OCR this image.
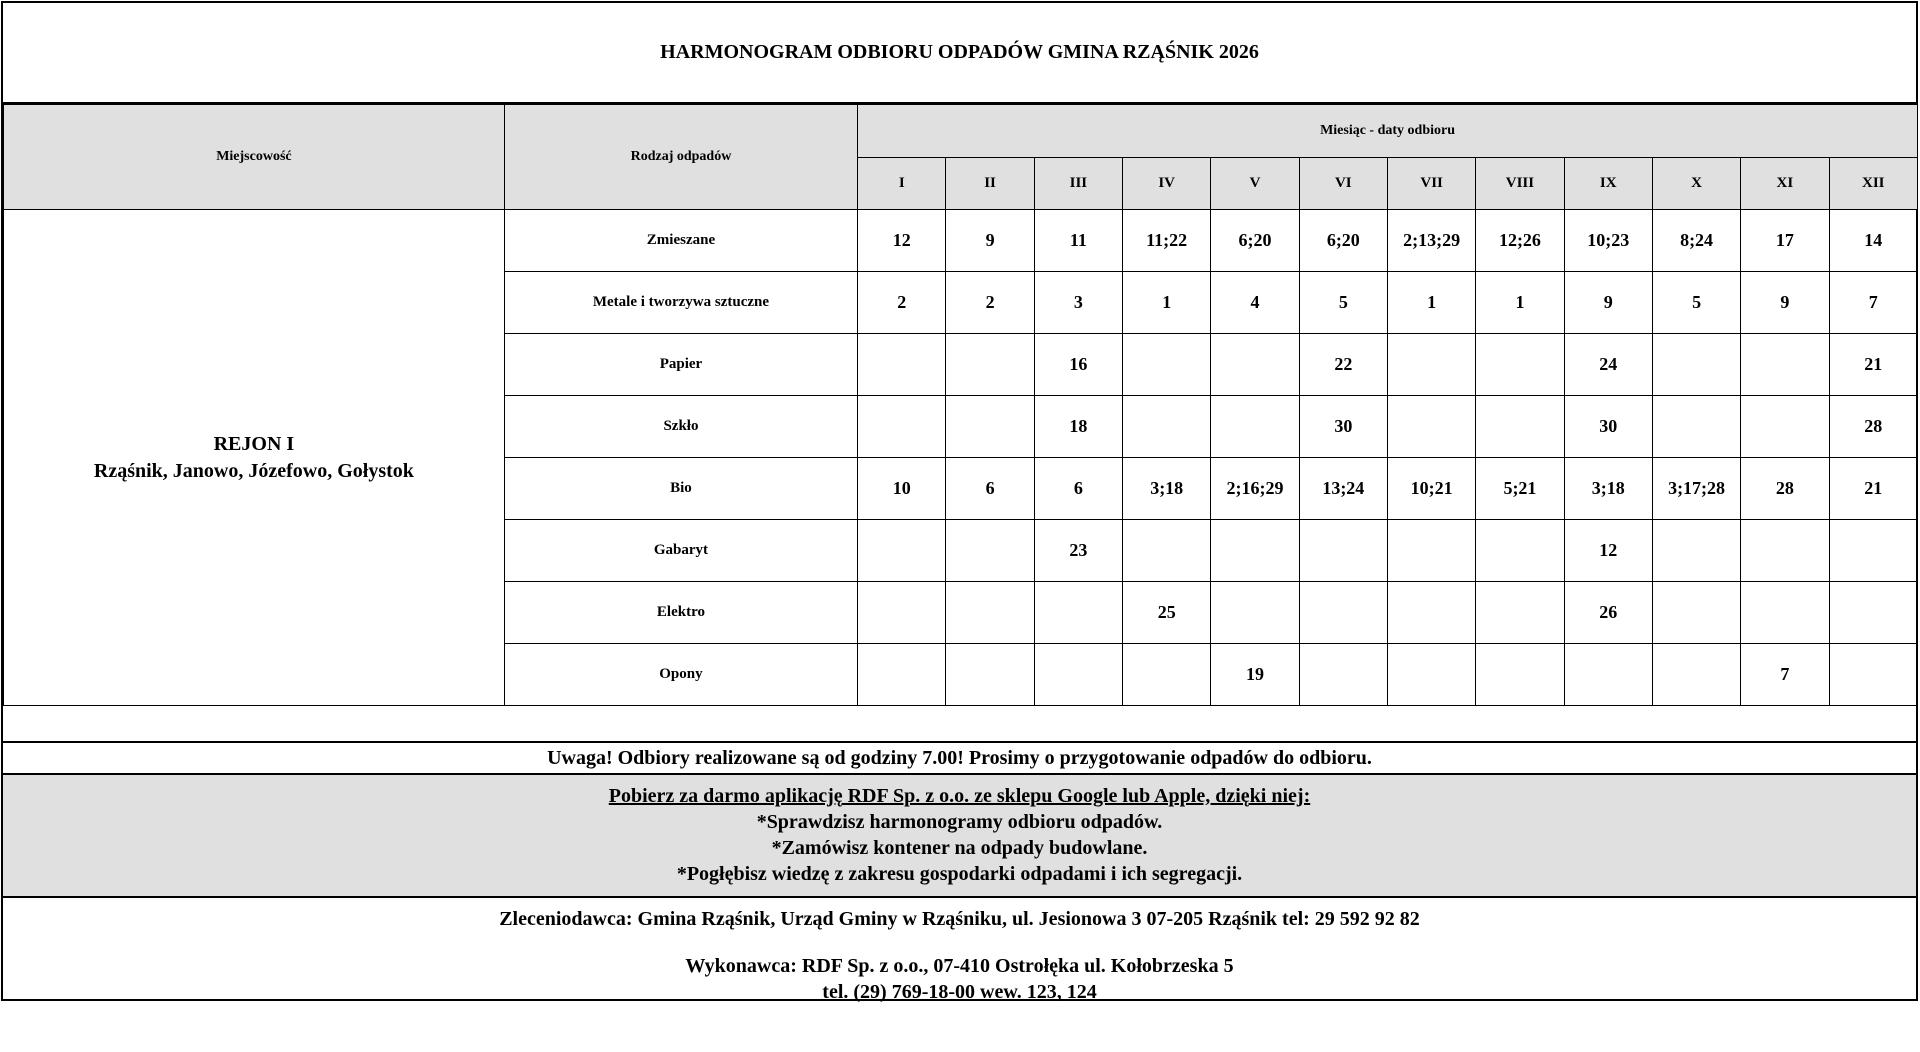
HARMONOGRAM ODBIORU ODPADÓW GMINA RZĄŚNIK 2026
Miejscowość	Rodzaj odpadów	Miesiąc - daty odbioru											
		I	II	III	IV	V	VI	VII	VIII	IX	X	XI	XII

REJON I
Rząśnik, Janowo, Józefowo, Gołystok	Zmieszane	12	9	11	11;22	6;20	6;20	2;13;29	12;26	10;23	8;24	17	14
	Metale i tworzywa sztuczne	2	2	3	1	4	5	1	1	9	5	9	7
	Papier			16			22			24			21
	Szkło			18			30			30			28
	Bio	10	6	6	3;18	2;16;29	13;24	10;21	5;21	3;18	3;17;28	28	21
	Gabaryt			23						12			
	Elektro				25					26			
	Opony					19						7	
Uwaga! Odbiory realizowane są od godziny 7.00! Prosimy o przygotowanie odpadów do odbioru.
Pobierz za darmo aplikację RDF Sp. z o.o. ze sklepu Google lub Apple, dzięki niej:
*Sprawdzisz harmonogramy odbioru odpadów.
*Zamówisz kontener na odpady budowlane.
*Pogłębisz wiedzę z zakresu gospodarki odpadami i ich segregacji.
Zleceniodawca: Gmina Rząśnik, Urząd Gminy w Rząśniku, ul. Jesionowa 3 07-205 Rząśnik tel: 29 592 92 82
Wykonawca: RDF Sp. z o.o., 07-410 Ostrołęka ul. Kołobrzeska 5
tel. (29) 769-18-00 wew. 123, 124
